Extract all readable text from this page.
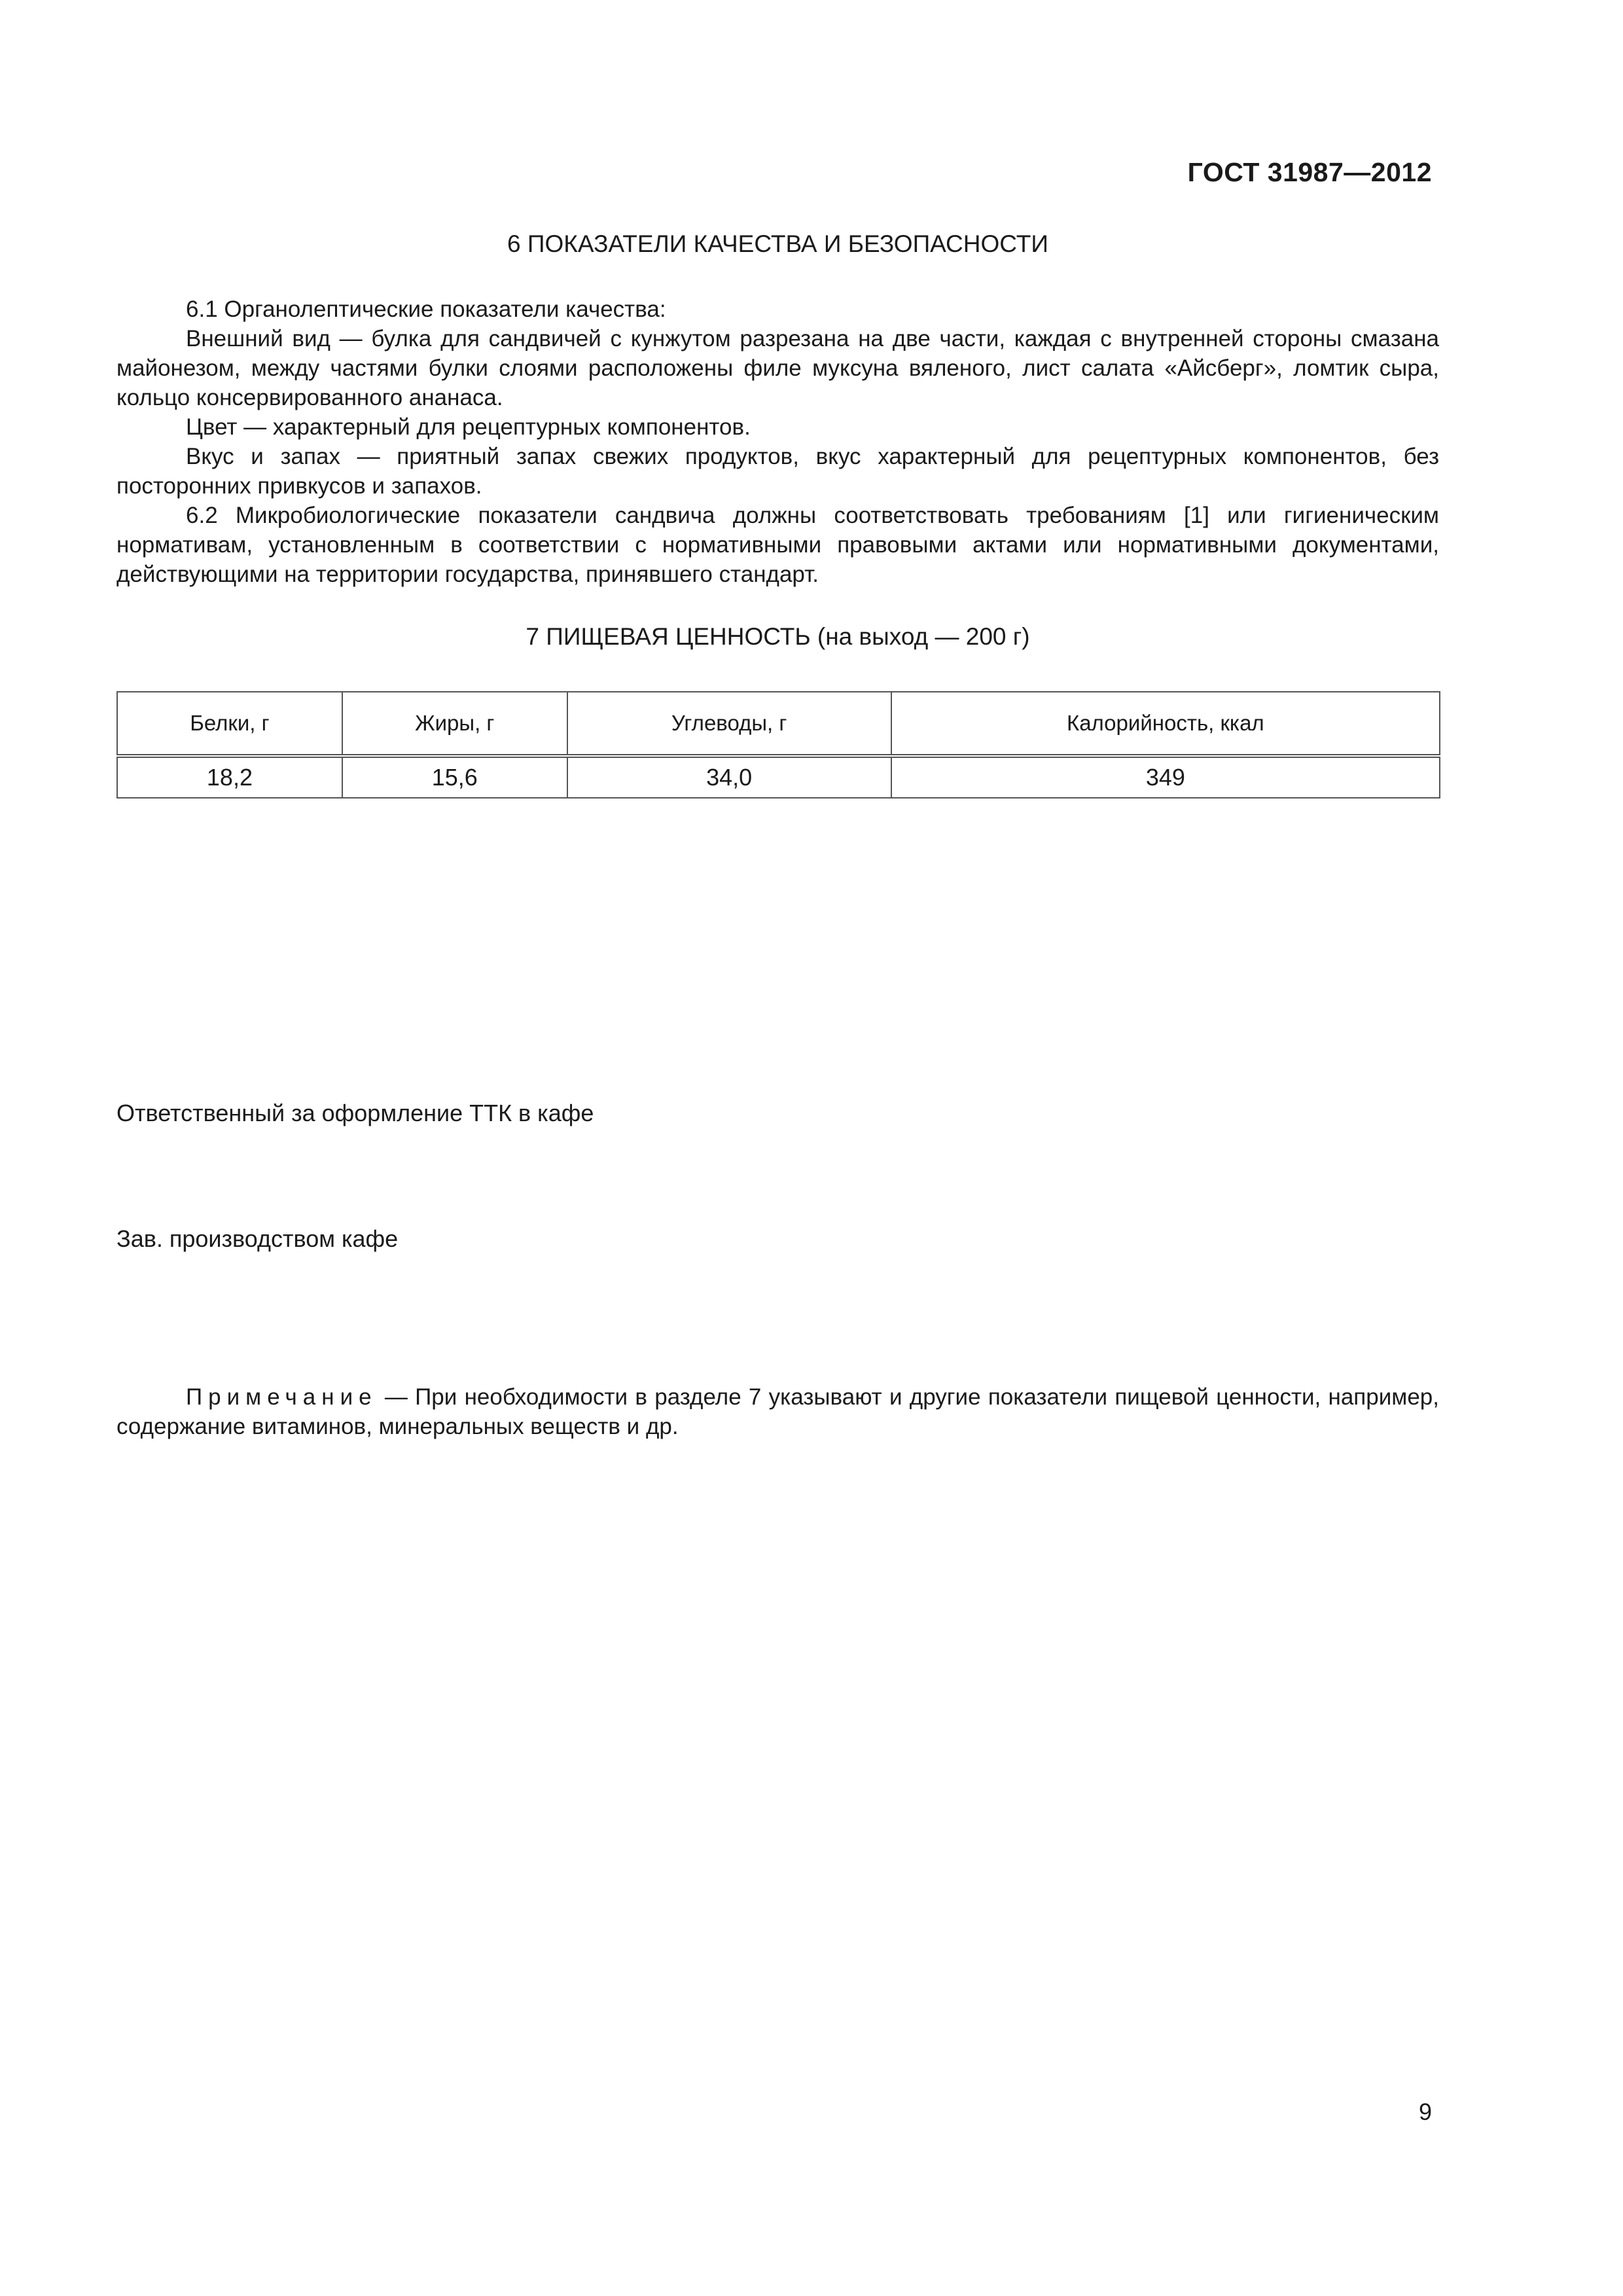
ГОСТ 31987—2012
6 ПОКАЗАТЕЛИ КАЧЕСТВА И БЕЗОПАСНОСТИ

6.1 Органолептические показатели качества:

Внешний вид — булка для сандвичей с кунжутом разрезана на две части, каждая с внутренней стороны смазана майонезом, между частями булки слоями расположены филе муксуна вяленого, лист салата «Айсберг», ломтик сыра, кольцо консервированного ананаса.

Цвет — характерный для рецептурных компонентов.

Вкус и запах — приятный запах свежих продуктов, вкус характерный для рецептурных компонентов, без посторонних привкусов и запахов.

6.2 Микробиологические показатели сандвича должны соответствовать требованиям [1] или гигиеническим нормативам, установленным в соответствии с нормативными правовыми актами или нормативными документами, действующими на территории государства, принявшего стандарт.

7 ПИЩЕВАЯ ЦЕННОСТЬ (на выход — 200 г)
Белки, г	Жиры, г	Углеводы, г	Калорийность, ккал
18,2	15,6	34,0	349
Ответственный за оформление ТТК в кафе
Зав. производством кафе

Примечание — При необходимости в разделе 7 указывают и другие показатели пищевой ценности, например, содержание витаминов, минеральных веществ и др.

9
